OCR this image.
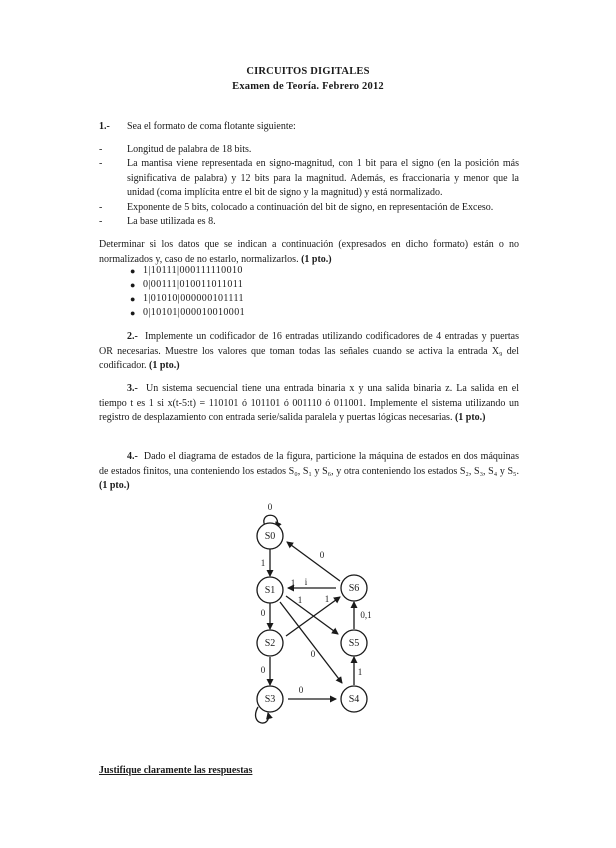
CIRCUITOS DIGITALES
Examen de Teoría. Febrero 2012
1.- Sea el formato de coma flotante siguiente:
- Longitud de palabra de 18 bits.
- La mantisa viene representada en signo-magnitud, con 1 bit para el signo (en la posición más significativa de palabra) y 12 bits para la magnitud. Además, es fraccionaria y menor que la unidad (coma implícita entre el bit de signo y la magnitud) y está normalizado.
- Exponente de 5 bits, colocado a continuación del bit de signo, en representación de Exceso.
- La base utilizada es 8.
Determinar si los datos que se indican a continuación (expresados en dicho formato) están o no normalizados y, caso de no estarlo, normalizarlos. (1 pto.)
● 1|10111|000111110010
● 0|00111|010011011011
● 1|01010|000000101111
● 0|10101|000010010001
2.- Implemente un codificador de 16 entradas utilizando codificadores de 4 entradas y puertas OR necesarias. Muestre los valores que toman todas las señales cuando se activa la entrada X₉ del codificador. (1 pto.)
3.- Un sistema secuencial tiene una entrada binaria x y una salida binaria z. La salida en el tiempo t es 1 si x(t-5:t) = 110101 ó 101101 ó 001110 ó 011001. Implemente el sistema utilizando un registro de desplazamiento con entrada serie/salida paralela y puertas lógicas necesarias. (1 pto.)
4.- Dado el diagrama de estados de la figura, particione la máquina de estados en dos máquinas de estados finitos, una conteniendo los estados S₀, S₁ y S₆, y otra conteniendo los estados S₂, S₃, S₄ y S₅. (1 pto.)
S0
S1
S2
S3	S4
S5
S6
0
1
0
1 i
1
0
1
0,1
0
0	1
0
Justifique claramente las respuestas
